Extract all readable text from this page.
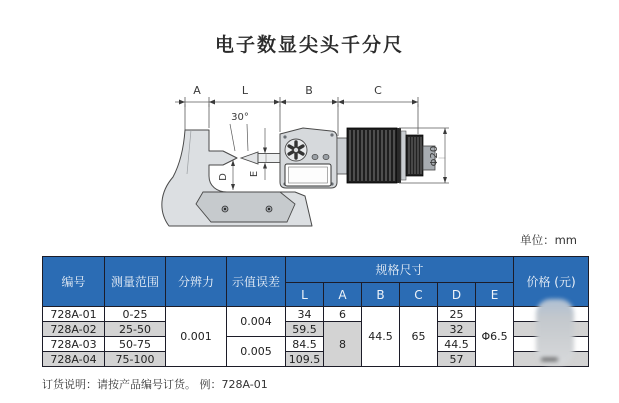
电子数显尖头千分尺
A	L	B	C
30°
D E
Φ20
单位：mm
编号	测量范围	分辨力	示值误差	规格尺寸						价格 (元)
				L	A	B	C	D	E	
728A-01	0-25	0.001	0.004	34	6	44.5	65	25	Φ6.5	
728A-02	25-50			59.5	8			32		
728A-03	50-75		0.005	84.5				44.5		
728A-04	75-100			109.5				57		
订货说明：请按产品编号订货。 例：728A-01
